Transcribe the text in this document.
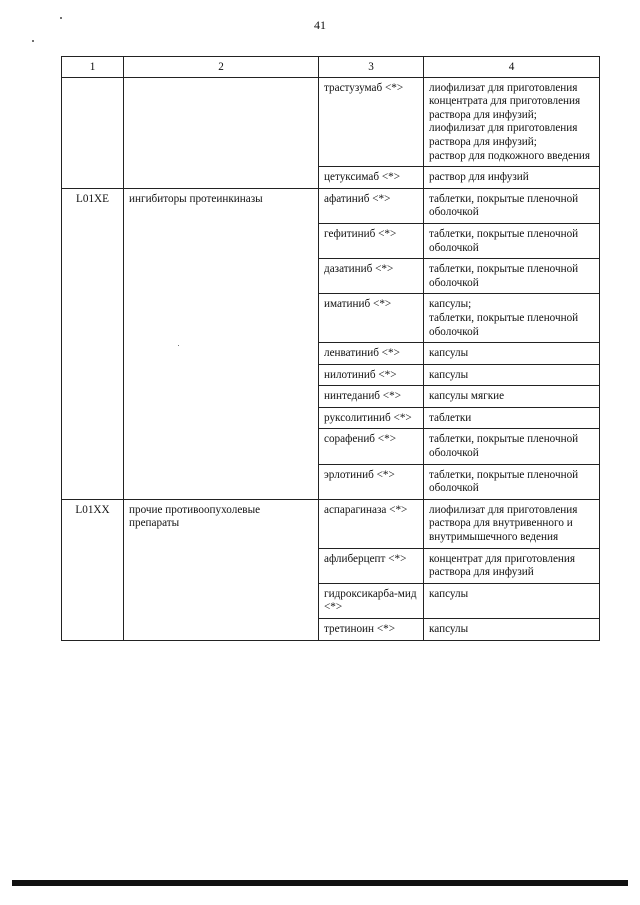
41
1	2	3	4
		трастузумаб <*>	лиофилизат для приготовления концентрата для приготовления раствора для инфузий;
лиофилизат для приготовления раствора для инфузий;
раствор для подкожного введения

		цетуксимаб <*>	раствор для инфузий

L01XE	ингибиторы протеинкиназы	афатиниб <*>	таблетки, покрытые пленочной оболочкой

		гефитиниб <*>	таблетки, покрытые пленочной оболочкой

		дазатиниб <*>	таблетки, покрытые пленочной оболочкой

		иматиниб <*>	капсулы;
таблетки, покрытые пленочной оболочкой

		ленватиниб <*>	капсулы

		нилотиниб <*>	капсулы

		нинтеданиб <*>	капсулы мягкие

		руксолитиниб <*>	таблетки

		сорафениб <*>	таблетки, покрытые пленочной оболочкой

		эрлотиниб <*>	таблетки, покрытые пленочной оболочкой

L01XX	прочие противоопухолевые препараты	аспарагиназа <*>	лиофилизат для приготовления раствора для внутривенного и внутримышечного ведения

		афлиберцепт <*>	концентрат для приготовления раствора для инфузий

		гидроксикарба-мид <*>	капсулы

		третиноин <*>	капсулы
